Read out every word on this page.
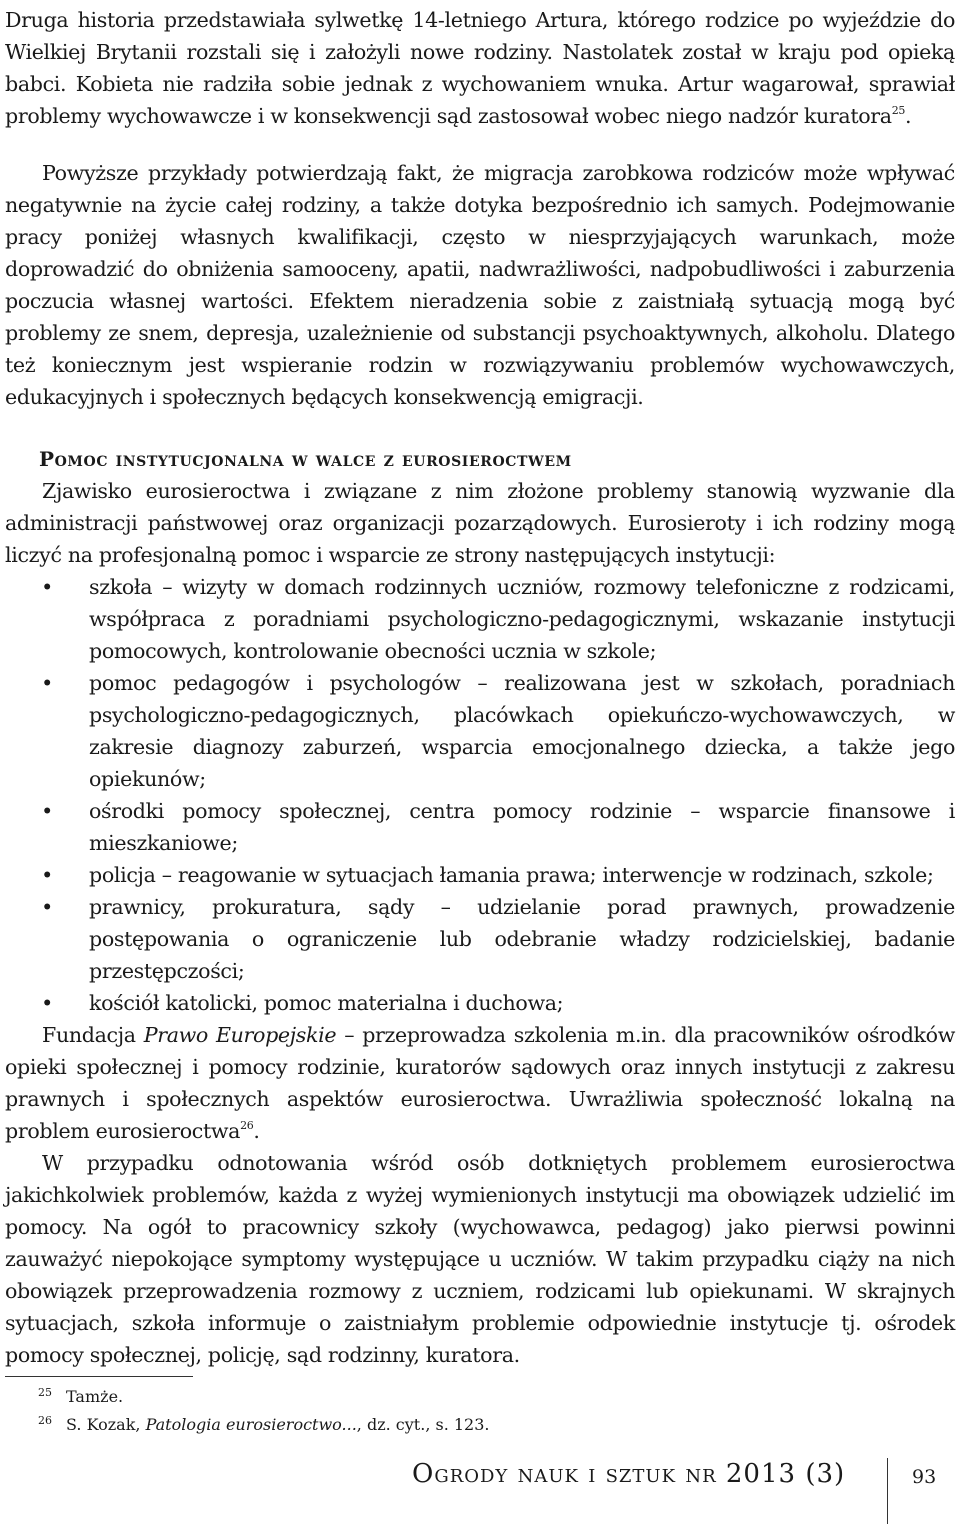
Druga historia przedstawiała sylwetkę 14-letniego Artura, którego rodzice po wyjeździe do Wielkiej Brytanii rozstali się i założyli nowe rodziny. Nastolatek został w kraju pod opieką babci. Kobieta nie radziła sobie jednak z wychowaniem wnuka. Artur wagarował, sprawiał problemy wychowawcze i w konsekwencji sąd zastosował wobec niego nadzór kuratora$^{25}$.

Powyższe przykłady potwierdzają fakt, że migracja zarobkowa rodziców może wpływać negatywnie na życie całej rodziny, a także dotyka bezpośrednio ich samych. Podejmowanie pracy poniżej własnych kwalifikacji, często w niesprzyjających warunkach, może doprowadzić do obniżenia samooceny, apatii, nadwrażliwości, nadpobudliwości i zaburzenia poczucia własnej wartości. Efektem nieradzenia sobie z zaistniałą sytuacją mogą być problemy ze snem, depresja, uzależnienie od substancji psychoaktywnych, alkoholu. Dlatego też koniecznym jest wspieranie rodzin w rozwiązywaniu problemów wychowawczych, edukacyjnych i społecznych będących konsekwencją emigracji.

Pomoc instytucjonalna w walce z eurosieroctwem

Zjawisko eurosieroctwa i związane z nim złożone problemy stanowią wyzwanie dla administracji państwowej oraz organizacji pozarządowych. Eurosieroty i ich rodziny mogą liczyć na profesjonalną pomoc i wsparcie ze strony następujących instytucji:

• szkoła – wizyty w domach rodzinnych uczniów, rozmowy telefoniczne z rodzicami, współpraca z poradniami psychologiczno-pedagogicznymi, wskazanie instytucji pomocowych, kontrolowanie obecności ucznia w szkole;
• pomoc pedagogów i psychologów – realizowana jest w szkołach, poradniach psychologiczno-pedagogicznych, placówkach opiekuńczo-wychowawczych, w zakresie diagnozy zaburzeń, wsparcia emocjonalnego dziecka, a także jego opiekunów;
• ośrodki pomocy społecznej, centra pomocy rodzinie – wsparcie finansowe i mieszkaniowe;
• policja – reagowanie w sytuacjach łamania prawa; interwencje w rodzinach, szkole;
• prawnicy, prokuratura, sądy – udzielanie porad prawnych, prowadzenie postępowania o ograniczenie lub odebranie władzy rodzicielskiej, badanie przestępczości;
• kościół katolicki, pomoc materialna i duchowa;

Fundacja Prawo Europejskie – przeprowadza szkolenia m.in. dla pracowników ośrodków opieki społecznej i pomocy rodzinie, kuratorów sądowych oraz innych instytucji z zakresu prawnych i społecznych aspektów eurosieroctwa. Uwrażliwia społeczność lokalną na problem eurosieroctwa$^{26}$.

W przypadku odnotowania wśród osób dotkniętych problemem eurosieroctwa jakichkolwiek problemów, każda z wyżej wymienionych instytucji ma obowiązek udzielić im pomocy. Na ogół to pracownicy szkoły (wychowawca, pedagog) jako pierwsi powinni zauważyć niepokojące symptomy występujące u uczniów. W takim przypadku ciąży na nich obowiązek przeprowadzenia rozmowy z uczniem, rodzicami lub opiekunami. W skrajnych sytuacjach, szkoła informuje o zaistniałym problemie odpowiednie instytucje tj. ośrodek pomocy społecznej, policję, sąd rodzinny, kuratora.

25 Tamże.
26 S. Kozak, Patologia eurosieroctwo..., dz. cyt., s. 123.
Ogrody nauk i sztuk nr 2013 (3)	93
